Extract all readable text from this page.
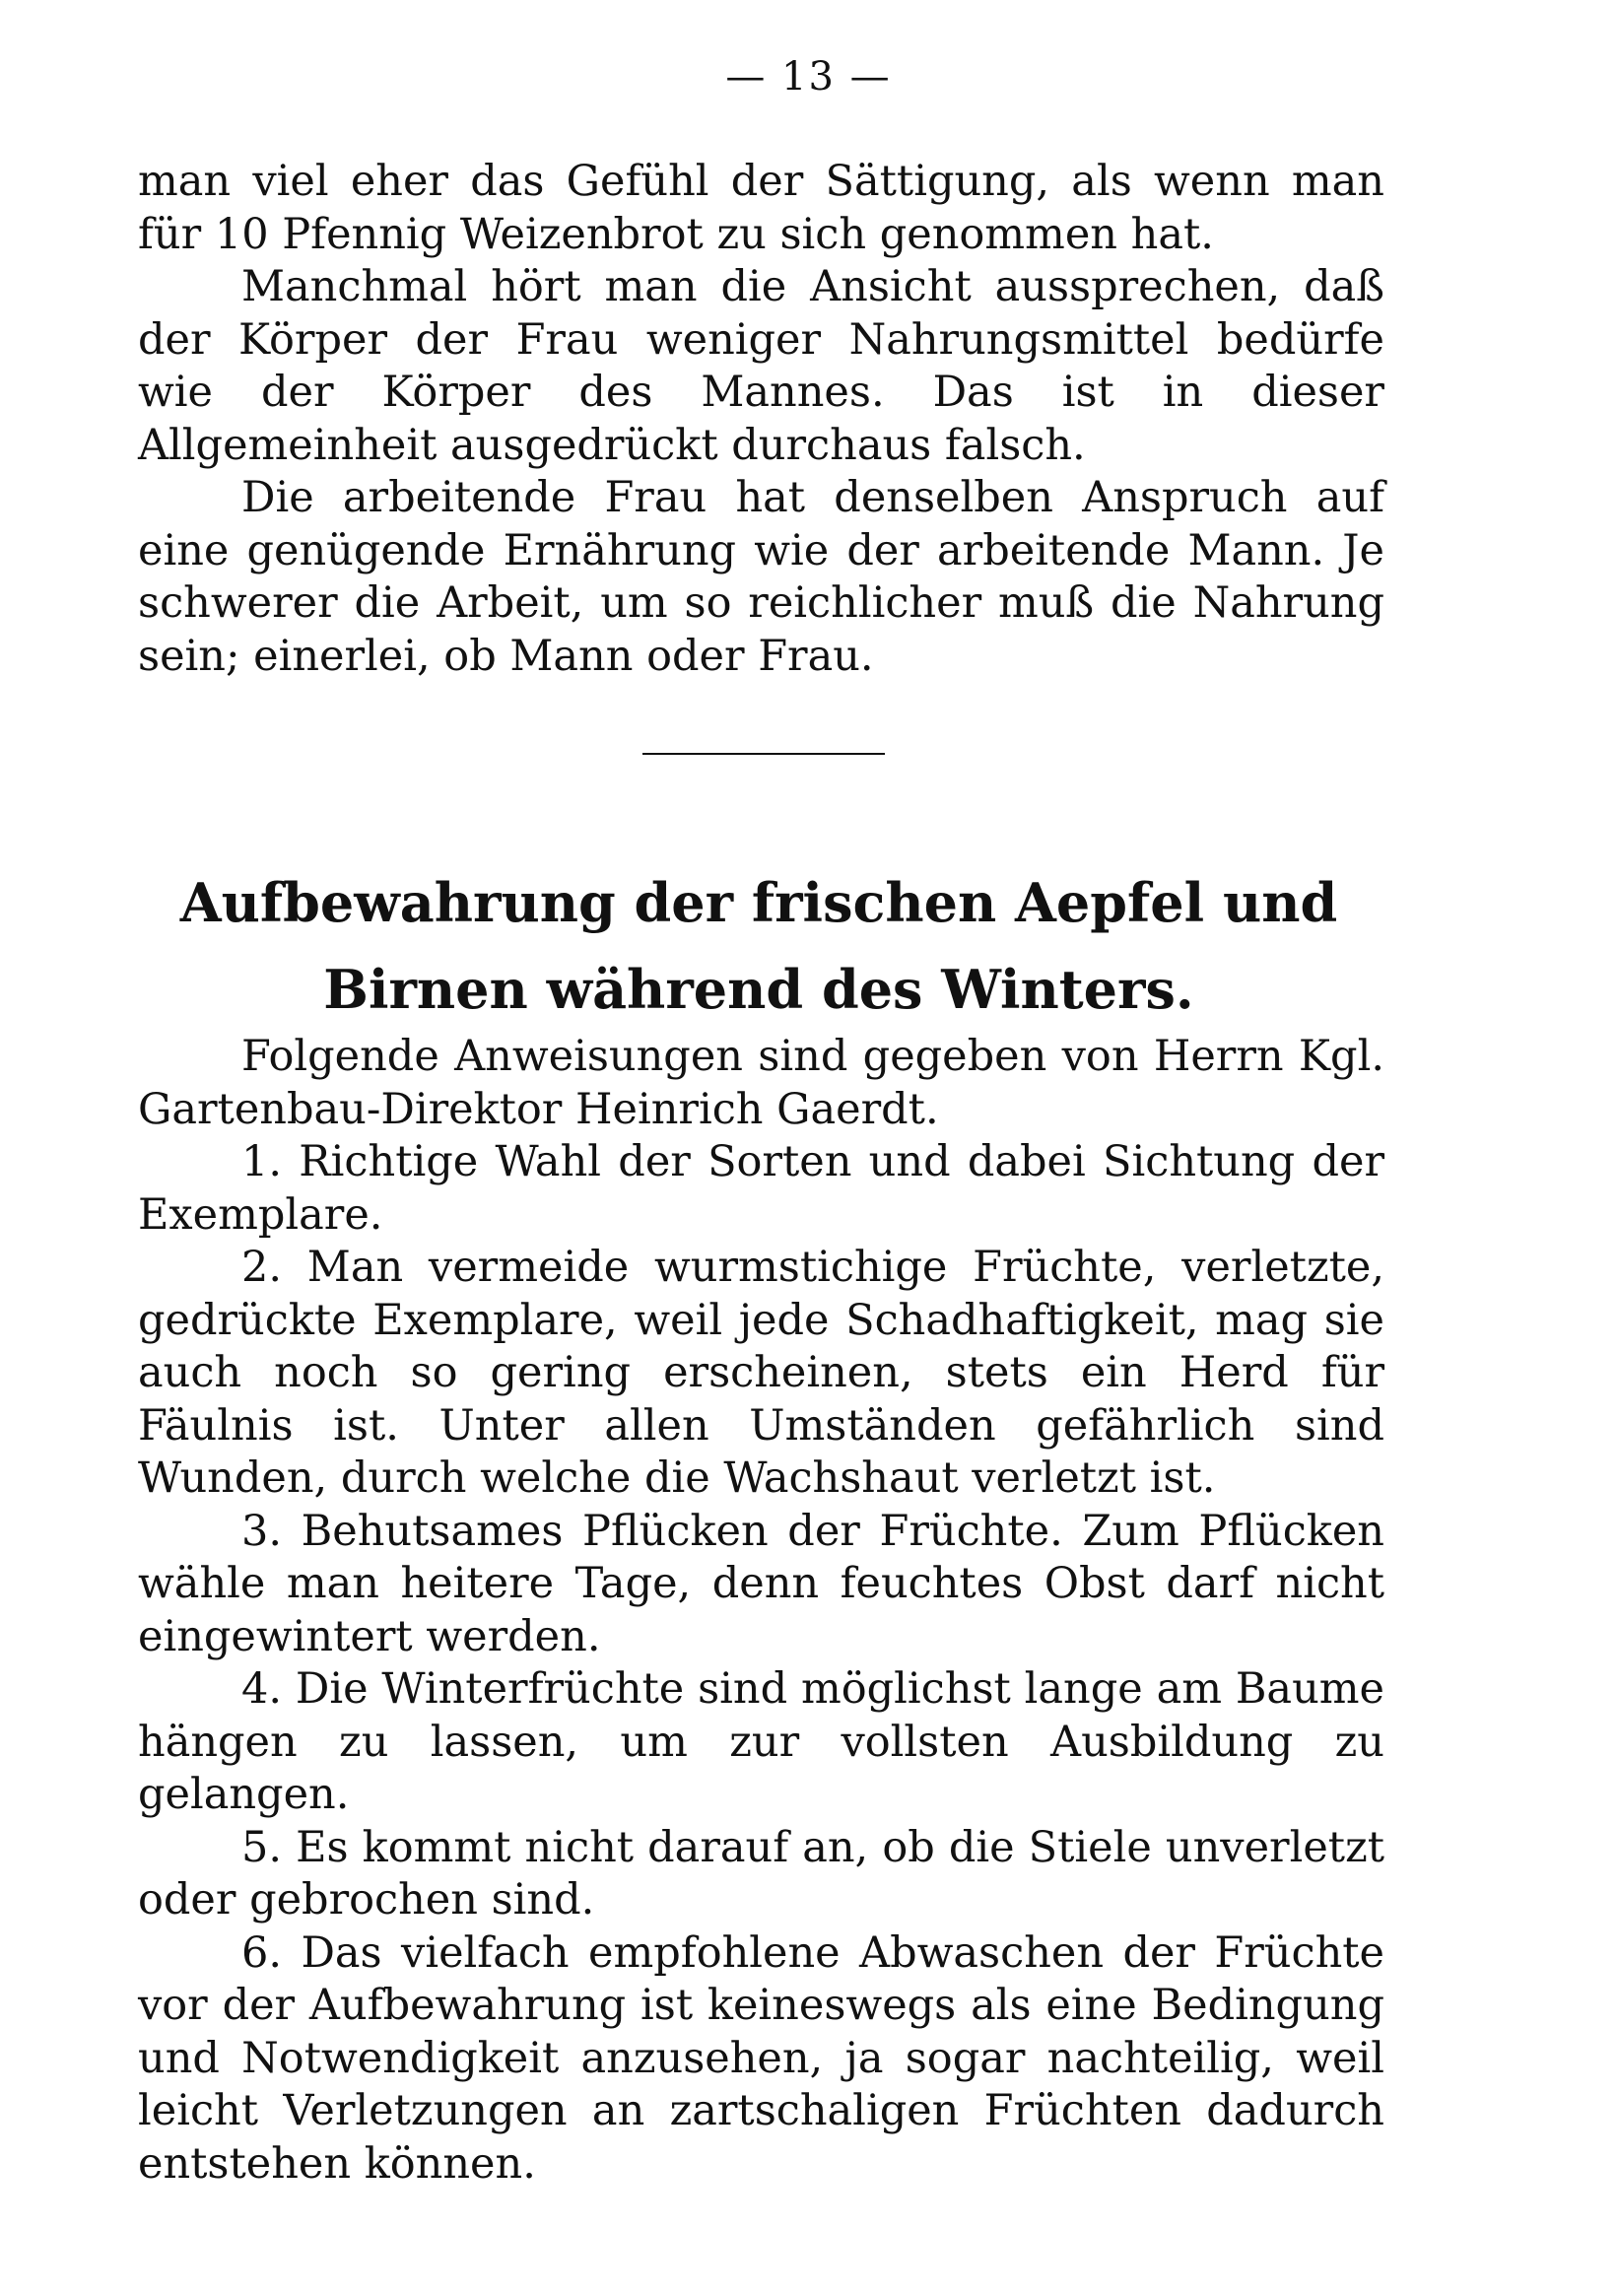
— 13 —

man viel eher das Gefühl der Sättigung, als wenn man für 10 Pfennig Weizenbrot zu sich genommen hat.

Manchmal hört man die Ansicht aussprechen, daß der Körper der Frau weniger Nahrungsmittel bedürfe wie der Körper des Mannes. Das ist in dieser Allgemeinheit ausgedrückt durchaus falsch.

Die arbeitende Frau hat denselben Anspruch auf eine genügende Ernährung wie der arbeitende Mann. Je schwerer die Arbeit, um so reichlicher muß die Nahrung sein; einerlei, ob Mann oder Frau.

Aufbewahrung der frischen Aepfel und Birnen während des Winters.

Folgende Anweisungen sind gegeben von Herrn Kgl. Gartenbau-Direktor Heinrich Gaerdt.

1. Richtige Wahl der Sorten und dabei Sichtung der Exemplare.

2. Man vermeide wurmstichige Früchte, verletzte, gedrückte Exemplare, weil jede Schadhaftigkeit, mag sie auch noch so gering erscheinen, stets ein Herd für Fäulnis ist. Unter allen Umständen gefährlich sind Wunden, durch welche die Wachshaut verletzt ist.

3. Behutsames Pflücken der Früchte. Zum Pflücken wähle man heitere Tage, denn feuchtes Obst darf nicht eingewintert werden.

4. Die Winterfrüchte sind möglichst lange am Baume hängen zu lassen, um zur vollsten Ausbildung zu gelangen.

5. Es kommt nicht darauf an, ob die Stiele unverletzt oder gebrochen sind.

6. Das vielfach empfohlene Abwaschen der Früchte vor der Aufbewahrung ist keineswegs als eine Bedingung und Notwendigkeit anzusehen, ja sogar nachteilig, weil leicht Verletzungen an zartschaligen Früchten dadurch entstehen können.
